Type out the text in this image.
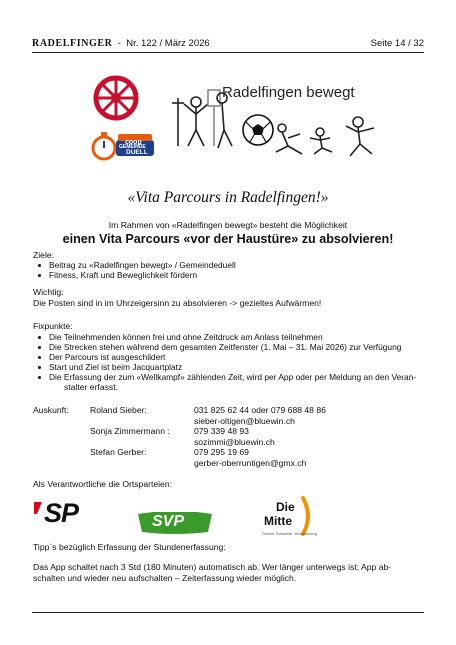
RADELFINGER - Nr. 122 / März 2026	Seite 14 / 32
coop
GEMEINDE
DUELL
Radelfingen bewegt
«Vita Parcours in Radelfingen!»
Im Rahmen von «Radelfingen bewegt» besteht die Möglichkeit
einen Vita Parcours «vor der Haustüre» zu absolvieren!
Ziele:
Beitrag zu «Radelfingen bewegt» / Gemeindeduell
Fitness, Kraft und Beweglichkeit fördern
Wichtig:
Die Posten sind in im Uhrzeigersinn zu absolvieren -> gezieltes Aufwärmen!
Fixpunkte:
Die Teilnehmenden können frei und ohne Zeitdruck am Anlass teilnehmen
Die Strecken stehen während dem gesamten Zeitfenster (1. Mai – 31. Mai 2026) zur Verfügung
Der Parcours ist ausgeschildert
Start und Ziel ist beim Jacquartplatz
Die Erfassung der zum «Wellkampf» zählenden Zeit, wird per App oder per Meldung an den Veran-
stalter erfasst.
Auskunft: Roland Sieber:	031 825 62 44 oder 079 688 48 86
sieber-oltigen@bluewin.ch
Sonja Zimmermann :	079 339 48 93
sozimmi@bluewin.ch
Stefan Gerber:	079 295 19 69
gerber-oberruntigen@gmx.ch
Als Verantwortliche die Ortsparteien:
SP	SVP
Die
Mitte
Freiheit. Solidarität. Verantwortung.
Tipp`s bezüglich Erfassung der Stundenerfassung:
Das App schaltet nach 3 Std (180 Minuten) automatisch ab. Wer länger unterwegs ist; App ab-
schalten und wieder neu aufschalten – Zeiterfassung wieder möglich.
